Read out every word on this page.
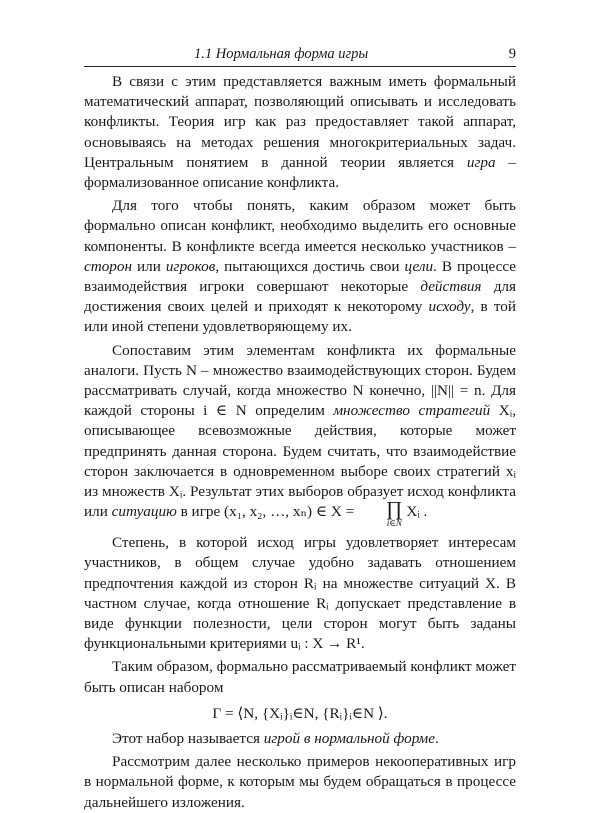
1.1 Нормальная форма игры	9

В связи с этим представляется важным иметь формальный математический аппарат, позволяющий описывать и исследовать конфликты. Теория игр как раз предоставляет такой аппарат, основываясь на методах решения многокритериальных задач. Центральным понятием в данной теории является игра – формализованное описание конфликта.

Для того чтобы понять, каким образом может быть формально описан конфликт, необходимо выделить его основные компоненты. В конфликте всегда имеется несколько участников – сторон или игроков, пытающихся достичь свои цели. В процессе взаимодействия игроки совершают некоторые действия для достижения своих целей и приходят к некоторому исходу, в той или иной степени удовлетворяющему их.

Сопоставим этим элементам конфликта их формальные аналоги. Пусть N – множество взаимодействующих сторон. Будем рассматривать случай, когда множество N конечно, ||N|| = n. Для каждой стороны i ∈ N определим множество стратегий Xᵢ, описывающее всевозможные действия, которые может предпринять данная сторона. Будем считать, что взаимодействие сторон заключается в одновременном выборе своих стратегий xᵢ из множеств Xᵢ. Результат этих выборов образует исход конфликта или ситуацию в игре (x₁, x₂, …, xₙ) ∈ X =	∏
i∈N
Xᵢ .

Степень, в которой исход игры удовлетворяет интересам участников, в общем случае удобно задавать отношением предпочтения каждой из сторон Rᵢ на множестве ситуаций X. В частном случае, когда отношение Rᵢ допускает представление в виде функции полезности, цели сторон могут быть заданы функциональными критериями uᵢ : X → R¹.

Таким образом, формально рассматриваемый конфликт может быть описан набором

Γ = ⟨N, {Xᵢ}ᵢ∈N, {Rᵢ}ᵢ∈N ⟩.

Этот набор называется игрой в нормальной форме.

Рассмотрим далее несколько примеров некооперативных игр в нормальной форме, к которым мы будем обращаться в процессе дальнейшего изложения.
